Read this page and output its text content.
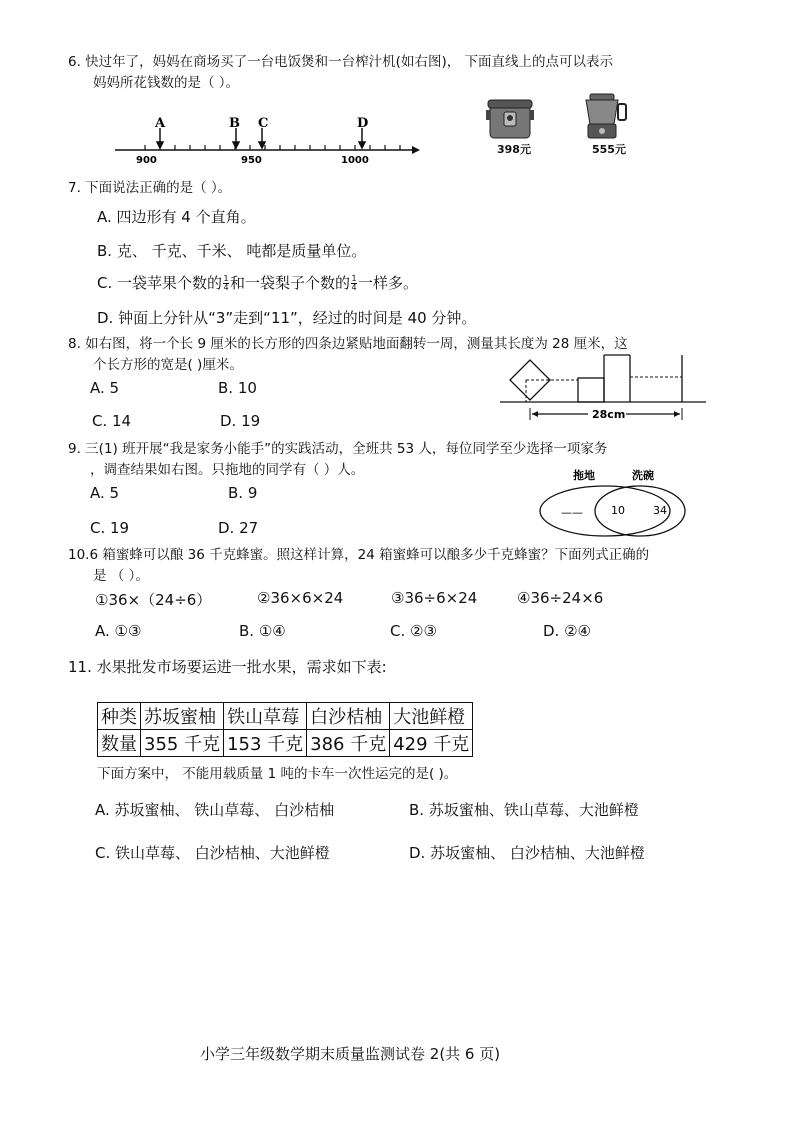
6. 快过年了，妈妈在商场买了一台电饭煲和一台榨汁机(如右图)， 下面直线上的点可以表示
妈妈所花钱数的是（ ）。
A	B C	D
900	950	1000
398元	555元
7. 下面说法正确的是（ ）。
A. 四边形有 4 个直角。
B. 克、 千克、千米、 吨都是质量单位。
C. 一袋苹果个数的 $\frac{1}{4}$ 和一袋梨子个数的 $\frac{1}{4}$ 一样多。
D. 钟面上分针从“3”走到“11”，经过的时间是 40 分钟。
8. 如右图，将一个长 9 厘米的长方形的四条边紧贴地面翻转一周，测量其长度为 28 厘米，这
个长方形的宽是( )厘米。
A. 5	B. 10
C. 14	D. 19	28cm
9. 三(1) 班开展“我是家务小能手”的实践活动，全班共 53 人，每位同学至少选择一项家务
，调查结果如右图。只拖地的同学有（ ）人。
A. 5	B. 9
C. 19	D. 27
拖地	洗碗
——	10	34
10.6 箱蜜蜂可以酿 36 千克蜂蜜。照这样计算，24 箱蜜蜂可以酿多少千克蜂蜜？下面列式正确的
是 （ ）。
①36×（24÷6）	②36×6×24	③36÷6×24	④36÷24×6
A. ①③	B. ①④	C. ②③	D. ②④
11. 水果批发市场要运进一批水果，需求如下表:
种类	苏坂蜜柚	铁山草莓	白沙桔柚	大池鲜橙
数量	355 千克	153 千克	386 千克	429 千克
下面方案中， 不能用载质量 1 吨的卡车一次性运完的是( )。
A. 苏坂蜜柚、 铁山草莓、 白沙桔柚	B. 苏坂蜜柚、铁山草莓、大池鲜橙
C. 铁山草莓、 白沙桔柚、大池鲜橙	D. 苏坂蜜柚、 白沙桔柚、大池鲜橙
小学三年级数学期末质量监测试卷 2(共 6 页)
